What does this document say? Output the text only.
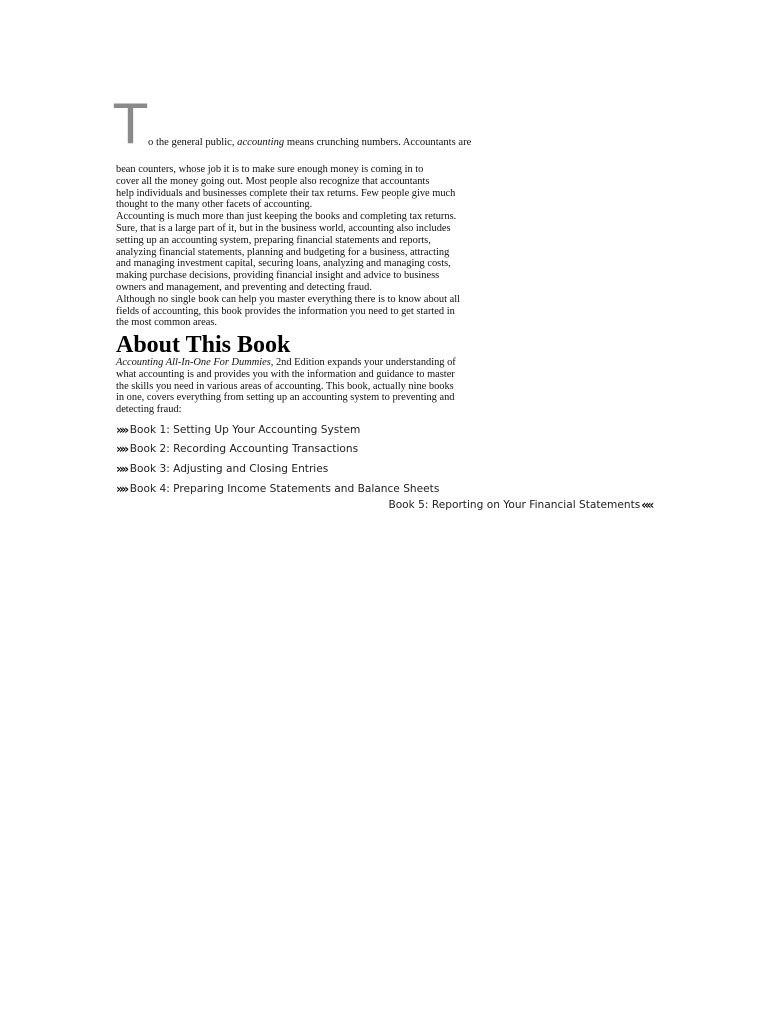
T o the general public, accounting means crunching numbers. Accountants are
bean counters, whose job it is to make sure enough money is coming in to
cover all the money going out. Most people also recognize that accountants
help individuals and businesses complete their tax returns. Few people give much
thought to the many other facets of accounting.
Accounting is much more than just keeping the books and completing tax returns.
Sure, that is a large part of it, but in the business world, accounting also includes
setting up an accounting system, preparing financial statements and reports,
analyzing financial statements, planning and budgeting for a business, attracting
and managing investment capital, securing loans, analyzing and managing costs,
making purchase decisions, providing financial insight and advice to business
owners and management, and preventing and detecting fraud.
Although no single book can help you master everything there is to know about all
fields of accounting, this book provides the information you need to get started in
the most common areas.
About This Book
Accounting All-In-One For Dummies, 2nd Edition expands your understanding of
what accounting is and provides you with the information and guidance to master
the skills you need in various areas of accounting. This book, actually nine books
in one, covers everything from setting up an accounting system to preventing and
detecting fraud:
»» Book 1: Setting Up Your Accounting System
»» Book 2: Recording Accounting Transactions
»» Book 3: Adjusting and Closing Entries
»» Book 4: Preparing Income Statements and Balance Sheets
Book 5: Reporting on Your Financial Statements ««
